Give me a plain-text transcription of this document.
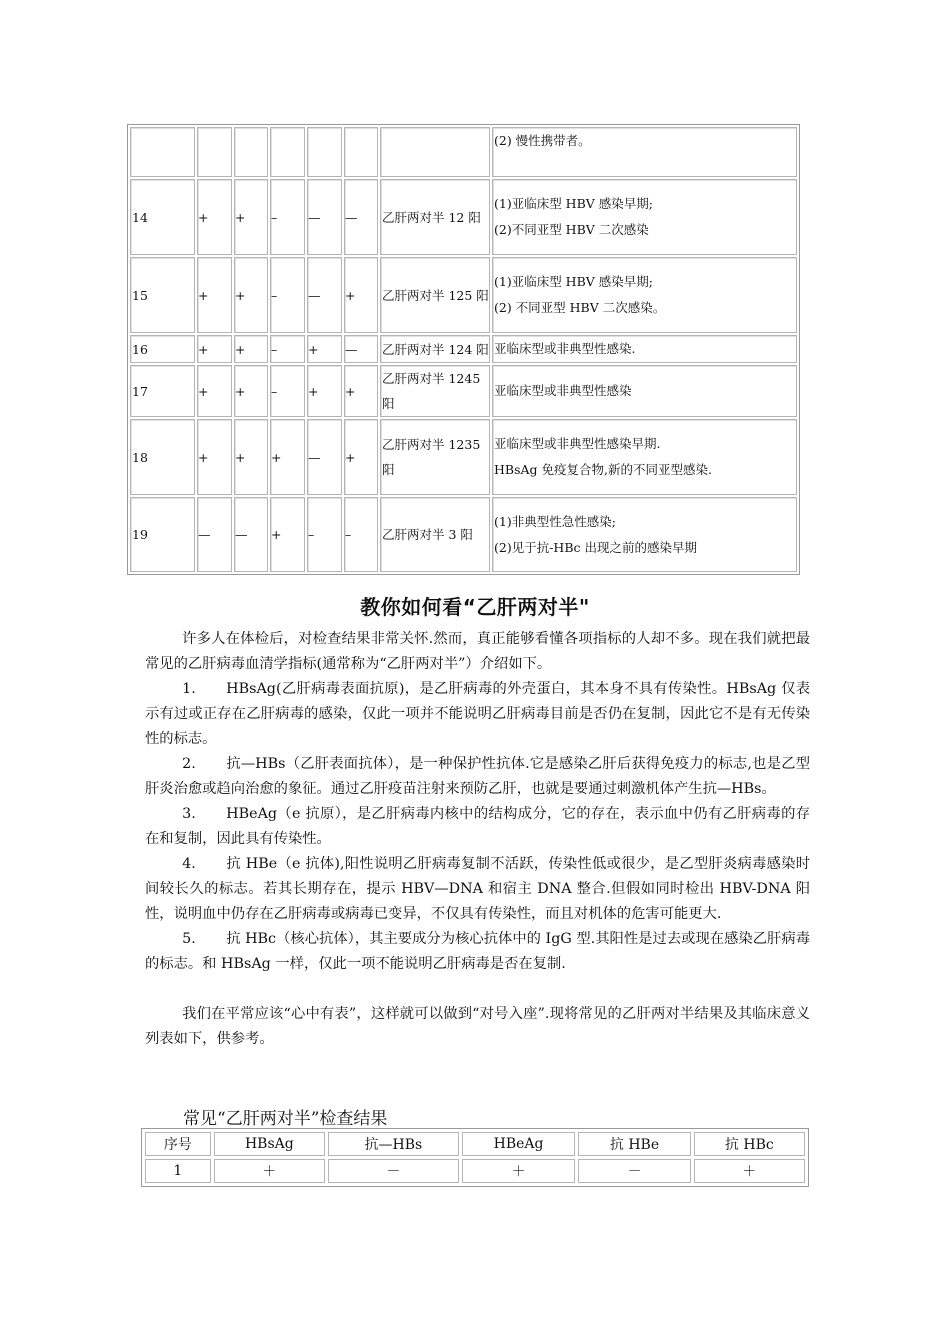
							(2) 慢性携带者。

14	+	+	–	—	—	乙肝两对半 12 阳	(1)亚临床型 HBV 感染早期;
(2)不同亚型 HBV 二次感染

15	+	+	–	—	+	乙肝两对半 125 阳	(1)亚临床型 HBV 感染早期;
(2) 不同亚型 HBV 二次感染。

16	+	+	–	+	—	乙肝两对半 124 阳	亚临床型或非典型性感染.

17	+	+	–	+	+	乙肝两对半 1245 阳	亚临床型或非典型性感染

18	+	+	+	—	+	乙肝两对半 1235 阳	亚临床型或非典型性感染早期.
HBsAg 免疫复合物,新的不同亚型感染.

19	—	—	+	–	–	乙肝两对半 3 阳	(1)非典型性急性感染;
(2)见于抗-HBc 出现之前的感染早期
教你如何看“乙肝两对半"

许多人在体检后，对检查结果非常关怀.然而，真正能够看懂各项指标的人却不多。现在我们就把最常见的乙肝病毒血清学指标(通常称为“乙肝两对半”）介绍如下。

1. HBsAg(乙肝病毒表面抗原)，是乙肝病毒的外壳蛋白，其本身不具有传染性。HBsAg 仅表示有过或正存在乙肝病毒的感染，仅此一项并不能说明乙肝病毒目前是否仍在复制，因此它不是有无传染性的标志。

2. 抗—HBs（乙肝表面抗体），是一种保护性抗体.它是感染乙肝后获得免疫力的标志,也是乙型肝炎治愈或趋向治愈的象征。通过乙肝疫苗注射来预防乙肝，也就是要通过刺激机体产生抗—HBs。

3. HBeAg（e 抗原），是乙肝病毒内核中的结构成分，它的存在，表示血中仍有乙肝病毒的存在和复制，因此具有传染性。

4. 抗 HBe（e 抗体),阳性说明乙肝病毒复制不活跃，传染性低或很少，是乙型肝炎病毒感染时间较长久的标志。若其长期存在，提示 HBV—DNA 和宿主 DNA 整合.但假如同时检出 HBV-DNA 阳性，说明血中仍存在乙肝病毒或病毒已变异，不仅具有传染性，而且对机体的危害可能更大.

5. 抗 HBc（核心抗体），其主要成分为核心抗体中的 IgG 型.其阳性是过去或现在感染乙肝病毒的标志。和 HBsAg 一样，仅此一项不能说明乙肝病毒是否在复制.

我们在平常应该“心中有表”，这样就可以做到“对号入座”.现将常见的乙肝两对半结果及其临床意义列表如下，供参考。

常见“乙肝两对半”检查结果
序号	HBsAg	抗—HBs	HBeAg	抗 HBe	抗 HBc
1	＋	－	＋	－	＋
